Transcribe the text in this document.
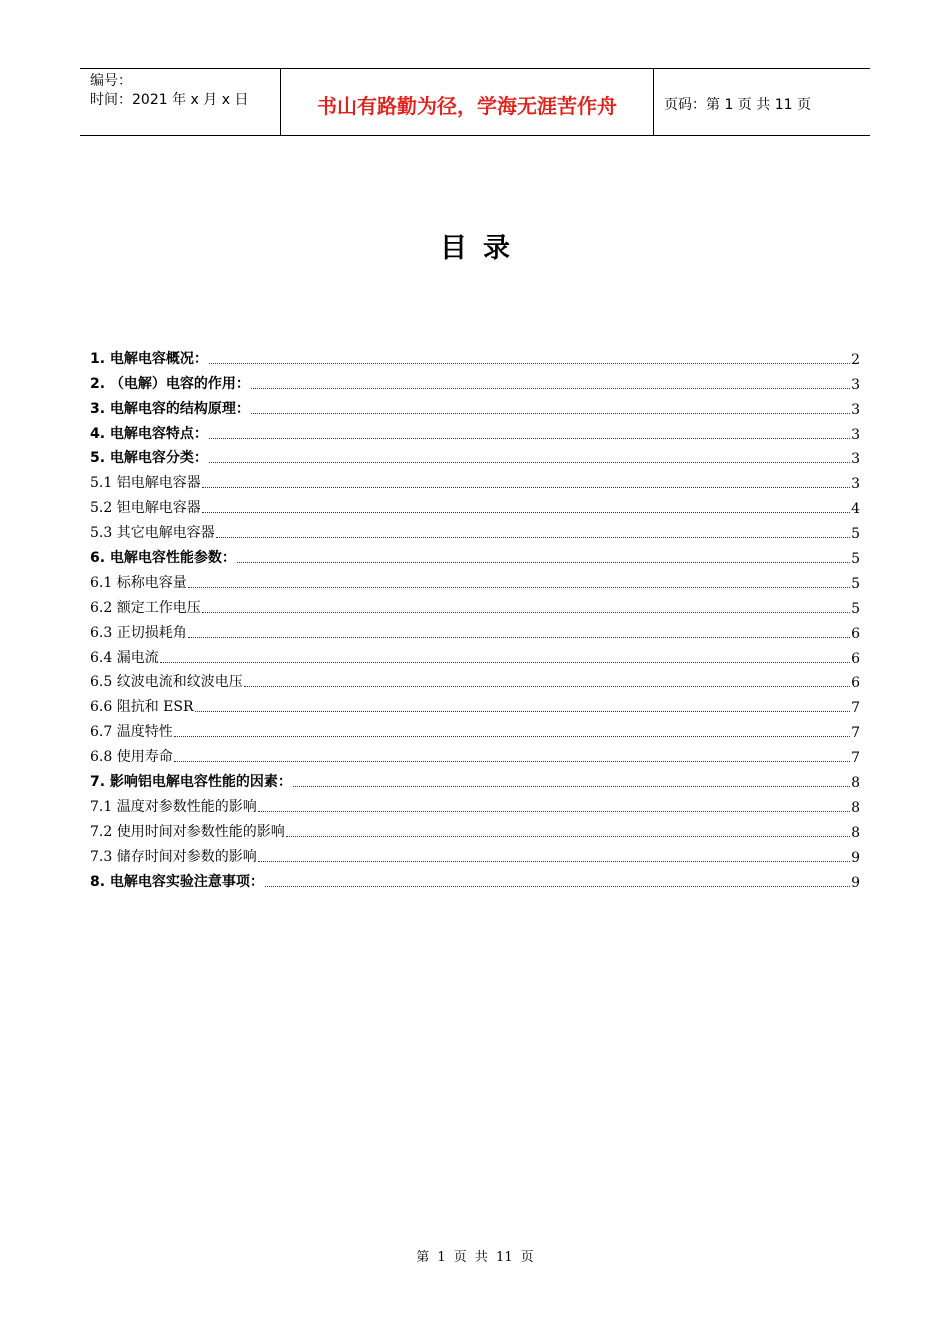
编号：
时间：2021 年 x 月 x 日	书山有路勤为径，学海无涯苦作舟	页码：第 1 页 共 11 页
目录
1. 电解电容概况：	2
2. （电解）电容的作用：	3
3. 电解电容的结构原理：	3
4. 电解电容特点：	3
5. 电解电容分类：	3
5.1 铝电解电容器	3
5.2 钽电解电容器	4
5.3 其它电解电容器	5
6. 电解电容性能参数：	5
6.1 标称电容量	5
6.2 额定工作电压	5
6.3 正切损耗角	6
6.4 漏电流	6
6.5 纹波电流和纹波电压	6
6.6 阻抗和 ESR	7
6.7 温度特性	7
6.8 使用寿命	7
7. 影响铝电解电容性能的因素：	8
7.1 温度对参数性能的影响	8
7.2 使用时间对参数性能的影响	8
7.3 储存时间对参数的影响	9
8. 电解电容实验注意事项：	9
第 1 页 共 11 页
